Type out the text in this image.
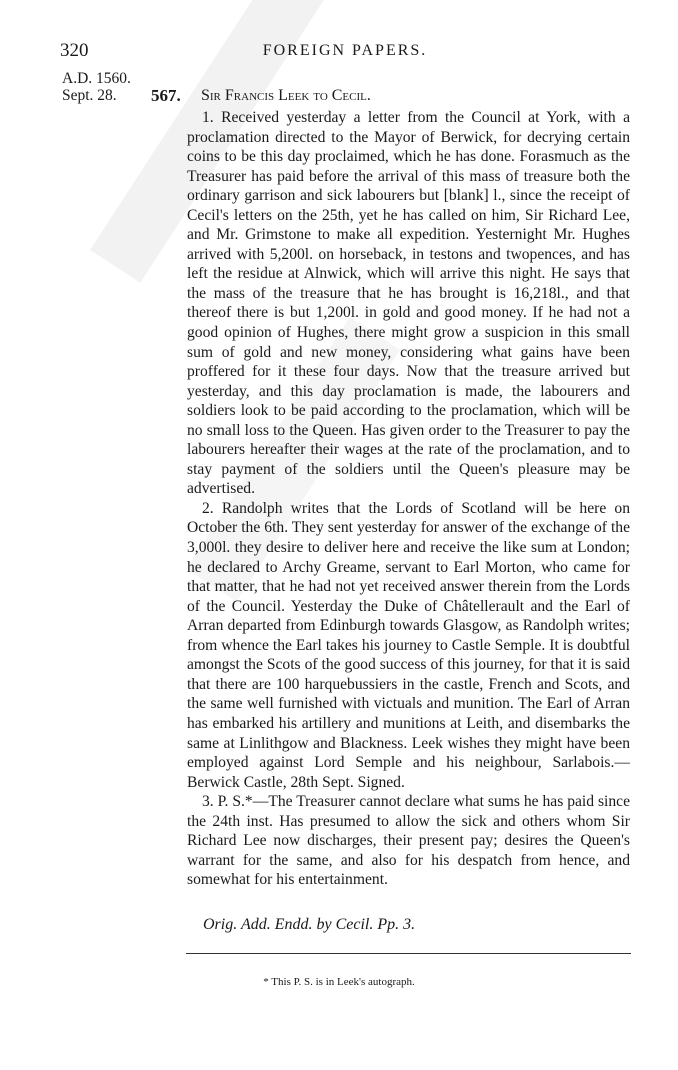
320	FOREIGN PAPERS.
A.D. 1560.
Sept. 28.	567. Sir Francis Leek to Cecil.

1. Received yesterday a letter from the Council at York, with a proclamation directed to the Mayor of Berwick, for decrying certain coins to be this day proclaimed, which he has done. Forasmuch as the Treasurer has paid before the arrival of this mass of treasure both the ordinary garrison and sick labourers but [blank] l., since the receipt of Cecil's letters on the 25th, yet he has called on him, Sir Richard Lee, and Mr. Grimstone to make all expedition. Yesternight Mr. Hughes arrived with 5,200l. on horseback, in testons and twopences, and has left the residue at Alnwick, which will arrive this night. He says that the mass of the treasure that he has brought is 16,218l., and that thereof there is but 1,200l. in gold and good money. If he had not a good opinion of Hughes, there might grow a suspicion in this small sum of gold and new money, considering what gains have been proffered for it these four days. Now that the treasure arrived but yesterday, and this day proclamation is made, the labourers and soldiers look to be paid according to the proclamation, which will be no small loss to the Queen. Has given order to the Treasurer to pay the labourers hereafter their wages at the rate of the proclamation, and to stay payment of the soldiers until the Queen's pleasure may be advertised.

2. Randolph writes that the Lords of Scotland will be here on October the 6th. They sent yesterday for answer of the exchange of the 3,000l. they desire to deliver here and receive the like sum at London; he declared to Archy Greame, servant to Earl Morton, who came for that matter, that he had not yet received answer therein from the Lords of the Council. Yesterday the Duke of Châtellerault and the Earl of Arran departed from Edinburgh towards Glasgow, as Randolph writes; from whence the Earl takes his journey to Castle Semple. It is doubtful amongst the Scots of the good success of this journey, for that it is said that there are 100 harquebussiers in the castle, French and Scots, and the same well furnished with victuals and munition. The Earl of Arran has embarked his artillery and munitions at Leith, and disembarks the same at Linlithgow and Blackness. Leek wishes they might have been employed against Lord Semple and his neighbour, Sarlabois.—Berwick Castle, 28th Sept. Signed.

3. P. S.*—The Treasurer cannot declare what sums he has paid since the 24th inst. Has presumed to allow the sick and others whom Sir Richard Lee now discharges, their present pay; desires the Queen's warrant for the same, and also for his despatch from hence, and somewhat for his entertainment.

Orig. Add. Endd. by Cecil. Pp. 3.
* This P. S. is in Leek's autograph.
